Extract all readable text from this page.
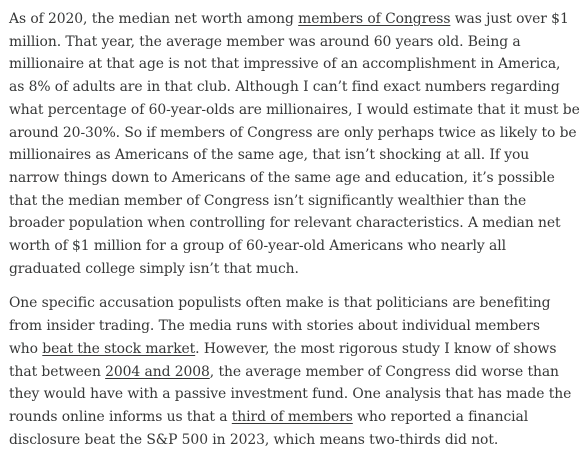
As of 2020, the median net worth among members of Congress was just over $1
million. That year, the average member was around 60 years old. Being a
millionaire at that age is not that impressive of an accomplishment in America,
as 8% of adults are in that club. Although I can’t find exact numbers regarding
what percentage of 60-year-olds are millionaires, I would estimate that it must be
around 20-30%. So if members of Congress are only perhaps twice as likely to be
millionaires as Americans of the same age, that isn’t shocking at all. If you
narrow things down to Americans of the same age and education, it’s possible
that the median member of Congress isn’t significantly wealthier than the
broader population when controlling for relevant characteristics. A median net
worth of $1 million for a group of 60-year-old Americans who nearly all
graduated college simply isn’t that much.

One specific accusation populists often make is that politicians are benefiting
from insider trading. The media runs with stories about individual members
who beat the stock market. However, the most rigorous study I know of shows
that between 2004 and 2008, the average member of Congress did worse than
they would have with a passive investment fund. One analysis that has made the
rounds online informs us that a third of members who reported a financial
disclosure beat the S&P 500 in 2023, which means two-thirds did not.
